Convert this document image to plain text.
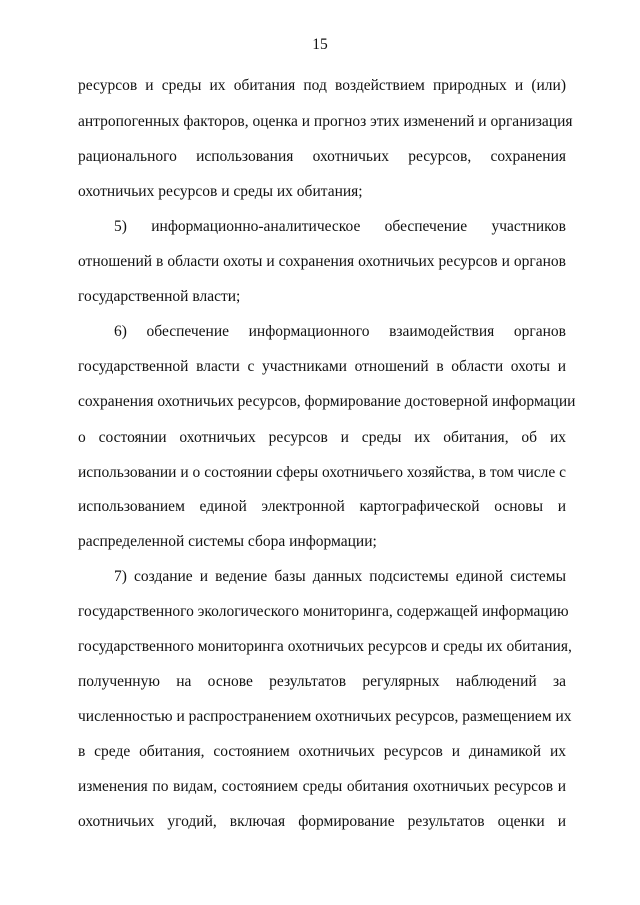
15
ресурсов и среды их обитания под воздействием природных и (или)
антропогенных факторов, оценка и прогноз этих изменений и организация
рационального использования охотничьих ресурсов, сохранения
охотничьих ресурсов и среды их обитания;
5) информационно-аналитическое обеспечение участников
отношений в области охоты и сохранения охотничьих ресурсов и органов
государственной власти;
6) обеспечение информационного взаимодействия органов
государственной власти с участниками отношений в области охоты и
сохранения охотничьих ресурсов, формирование достоверной информации
о состоянии охотничьих ресурсов и среды их обитания, об их
использовании и о состоянии сферы охотничьего хозяйства, в том числе с
использованием единой электронной картографической основы и
распределенной системы сбора информации;
7) создание и ведение базы данных подсистемы единой системы
государственного экологического мониторинга, содержащей информацию
государственного мониторинга охотничьих ресурсов и среды их обитания,
полученную на основе результатов регулярных наблюдений за
численностью и распространением охотничьих ресурсов, размещением их
в среде обитания, состоянием охотничьих ресурсов и динамикой их
изменения по видам, состоянием среды обитания охотничьих ресурсов и
охотничьих угодий, включая формирование результатов оценки и
